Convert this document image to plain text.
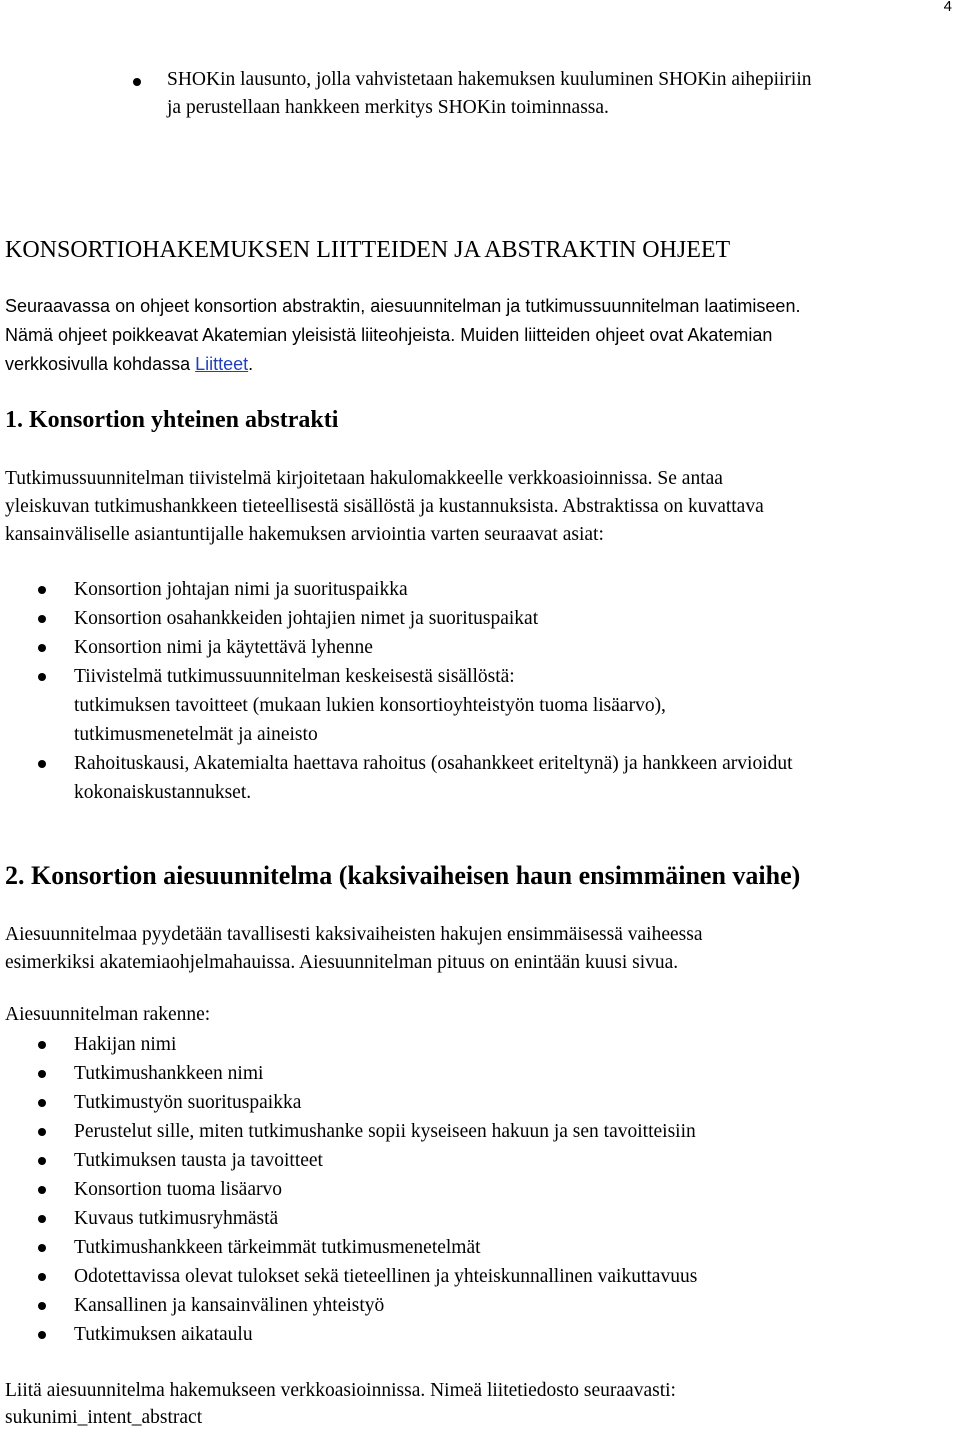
4
SHOKin lausunto, jolla vahvistetaan hakemuksen kuuluminen SHOKin aihepiiriin
ja perustellaan hankkeen merkitys SHOKin toiminnassa.
KONSORTIOHAKEMUKSEN LIITTEIDEN JA ABSTRAKTIN OHJEET
Seuraavassa on ohjeet konsortion abstraktin, aiesuunnitelman ja tutkimussuunnitelman laatimiseen.
Nämä ohjeet poikkeavat Akatemian yleisistä liiteohjeista. Muiden liitteiden ohjeet ovat Akatemian
verkkosivulla kohdassa Liitteet.
1. Konsortion yhteinen abstrakti
Tutkimussuunnitelman tiivistelmä kirjoitetaan hakulomakkeelle verkkoasioinnissa. Se antaa
yleiskuvan tutkimushankkeen tieteellisestä sisällöstä ja kustannuksista. Abstraktissa on kuvattava
kansainväliselle asiantuntijalle hakemuksen arviointia varten seuraavat asiat:
Konsortion johtajan nimi ja suorituspaikka
Konsortion osahankkeiden johtajien nimet ja suorituspaikat
Konsortion nimi ja käytettävä lyhenne
Tiivistelmä tutkimussuunnitelman keskeisestä sisällöstä:
tutkimuksen tavoitteet (mukaan lukien konsortioyhteistyön tuoma lisäarvo),
tutkimusmenetelmät ja aineisto
Rahoituskausi, Akatemialta haettava rahoitus (osahankkeet eriteltynä) ja hankkeen arvioidut
kokonaiskustannukset.
2. Konsortion aiesuunnitelma (kaksivaiheisen haun ensimmäinen vaihe)
Aiesuunnitelmaa pyydetään tavallisesti kaksivaiheisten hakujen ensimmäisessä vaiheessa
esimerkiksi akatemiaohjelmahauissa. Aiesuunnitelman pituus on enintään kuusi sivua.
Aiesuunnitelman rakenne:
Hakijan nimi
Tutkimushankkeen nimi
Tutkimustyön suorituspaikka
Perustelut sille, miten tutkimushanke sopii kyseiseen hakuun ja sen tavoitteisiin
Tutkimuksen tausta ja tavoitteet
Konsortion tuoma lisäarvo
Kuvaus tutkimusryhmästä
Tutkimushankkeen tärkeimmät tutkimusmenetelmät
Odotettavissa olevat tulokset sekä tieteellinen ja yhteiskunnallinen vaikuttavuus
Kansallinen ja kansainvälinen yhteistyö
Tutkimuksen aikataulu
Liitä aiesuunnitelma hakemukseen verkkoasioinnissa. Nimeä liitetiedosto seuraavasti:
sukunimi_intent_abstract
